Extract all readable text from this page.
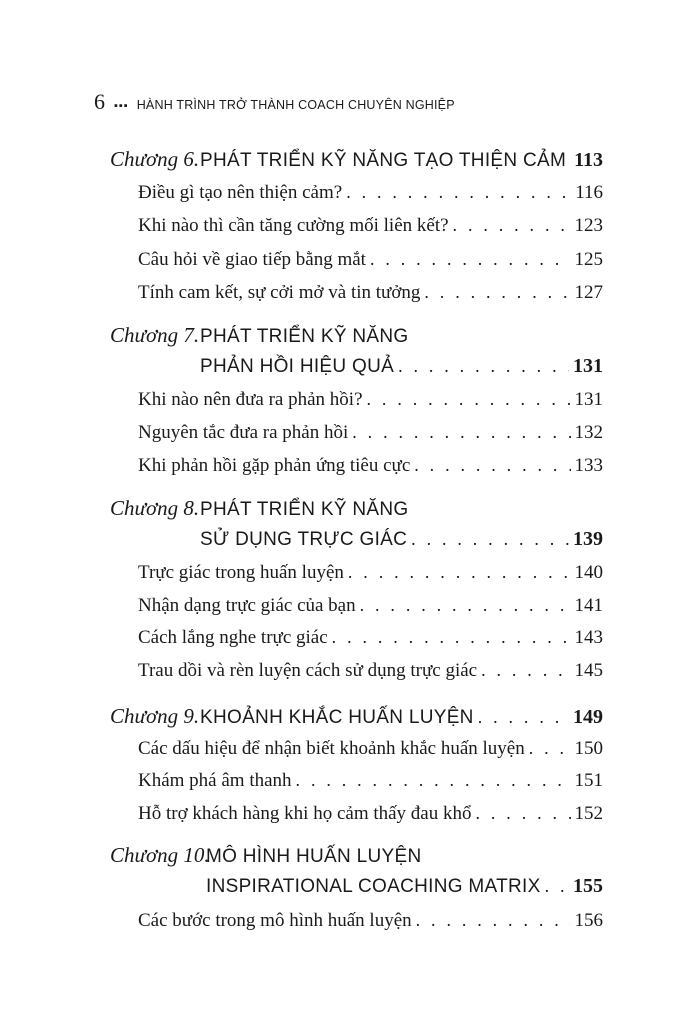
6 ▪▪▪ HÀNH TRÌNH TRỞ THÀNH COACH CHUYÊN NGHIỆP
Chương 6. PHÁT TRIỂN KỸ NĂNG TẠO THIỆN CẢM 113
Điều gì tạo nên thiện cảm? . . .	116
Khi nào thì cần tăng cường mối liên kết? . . .	123
Câu hỏi về giao tiếp bằng mắt . . .	125
Tính cam kết, sự cởi mở và tin tưởng . . .	127
Chương 7. PHÁT TRIỂN KỸ NĂNG
PHẢN HỒI HIỆU QUẢ . . .	131
Khi nào nên đưa ra phản hồi? . . .	131
Nguyên tắc đưa ra phản hồi . . .	132
Khi phản hồi gặp phản ứng tiêu cực . . .	133
Chương 8. PHÁT TRIỂN KỸ NĂNG
SỬ DỤNG TRỰC GIÁC . . .	139
Trực giác trong huấn luyện . . .	140
Nhận dạng trực giác của bạn . . .	141
Cách lắng nghe trực giác . . .	143
Trau dồi và rèn luyện cách sử dụng trực giác . . .	145
Chương 9. KHOẢNH KHẮC HUẤN LUYỆN . . .	149
Các dấu hiệu để nhận biết khoảnh khắc huấn luyện . . .	150
Khám phá âm thanh . . .	151
Hỗ trợ khách hàng khi họ cảm thấy đau khổ . . .	152
Chương 10.
MÔ HÌNH HUẤN LUYỆN
INSPIRATIONAL COACHING MATRIX . . . 155
Các bước trong mô hình huấn luyện . . .	156
